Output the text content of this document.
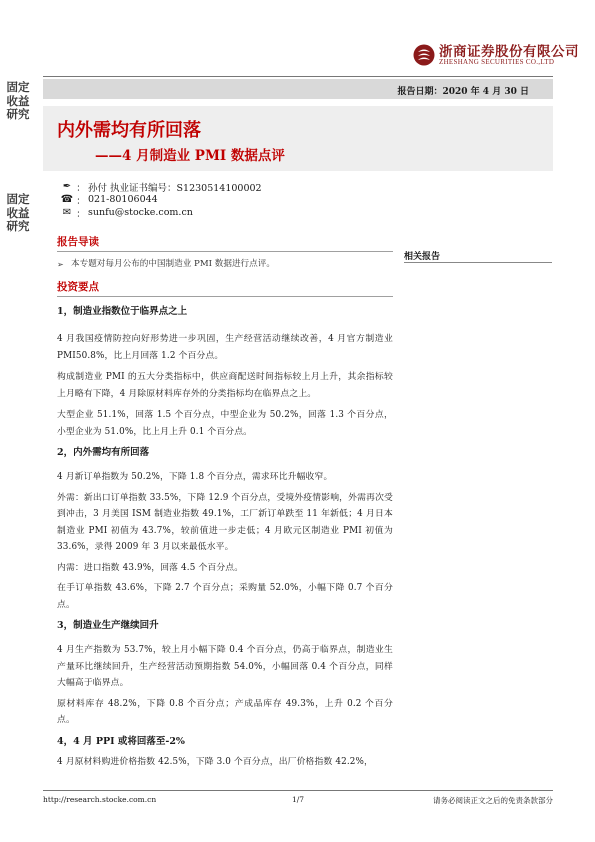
固定收益研究
固定收益研究
浙商证券股份有限公司
ZHESHANG SECURITIES CO.,LTD
报告日期：2020 年 4 月 30 日
内外需均有所回落
——4 月制造业 PMI 数据点评
✒ ： 孙付 执业证书编号：S1230514100002
☎ ： 021-80106044
✉ ： sunfu@stocke.com.cn
相关报告
报告导读
➢ 本专题对每月公布的中国制造业 PMI 数据进行点评。
投资要点
1，制造业指数位于临界点之上
4 月我国疫情防控向好形势进一步巩固，生产经营活动继续改善，4 月官方制造业 PMI50.8%，比上月回落 1.2 个百分点。
构成制造业 PMI 的五大分类指标中，供应商配送时间指标较上月上升，其余指标较上月略有下降，4 月除原材料库存外的分类指标均在临界点之上。
大型企业 51.1%，回落 1.5 个百分点，中型企业为 50.2%，回落 1.3 个百分点，小型企业为 51.0%，比上月上升 0.1 个百分点。
2，内外需均有所回落
4 月新订单指数为 50.2%，下降 1.8 个百分点，需求环比升幅收窄。
外需：新出口订单指数 33.5%，下降 12.9 个百分点，受境外疫情影响，外需再次受到冲击，3 月美国 ISM 制造业指数 49.1%，工厂新订单跌至 11 年新低；4 月日本制造业 PMI 初值为 43.7%，较前值进一步走低；4 月欧元区制造业 PMI 初值为 33.6%，录得 2009 年 3 月以来最低水平。
内需：进口指数 43.9%，回落 4.5 个百分点。
在手订单指数 43.6%，下降 2.7 个百分点；采购量 52.0%，小幅下降 0.7 个百分点。
3，制造业生产继续回升
4 月生产指数为 53.7%，较上月小幅下降 0.4 个百分点，仍高于临界点，制造业生产量环比继续回升，生产经营活动预期指数 54.0%，小幅回落 0.4 个百分点，同样大幅高于临界点。
原材料库存 48.2%，下降 0.8 个百分点；产成品库存 49.3%，上升 0.2 个百分点。
4，4 月 PPI 或将回落至-2%
4 月原材料购进价格指数 42.5%，下降 3.0 个百分点，出厂价格指数 42.2%，
http://research.stocke.com.cn	1/7	请务必阅读正文之后的免责条款部分
